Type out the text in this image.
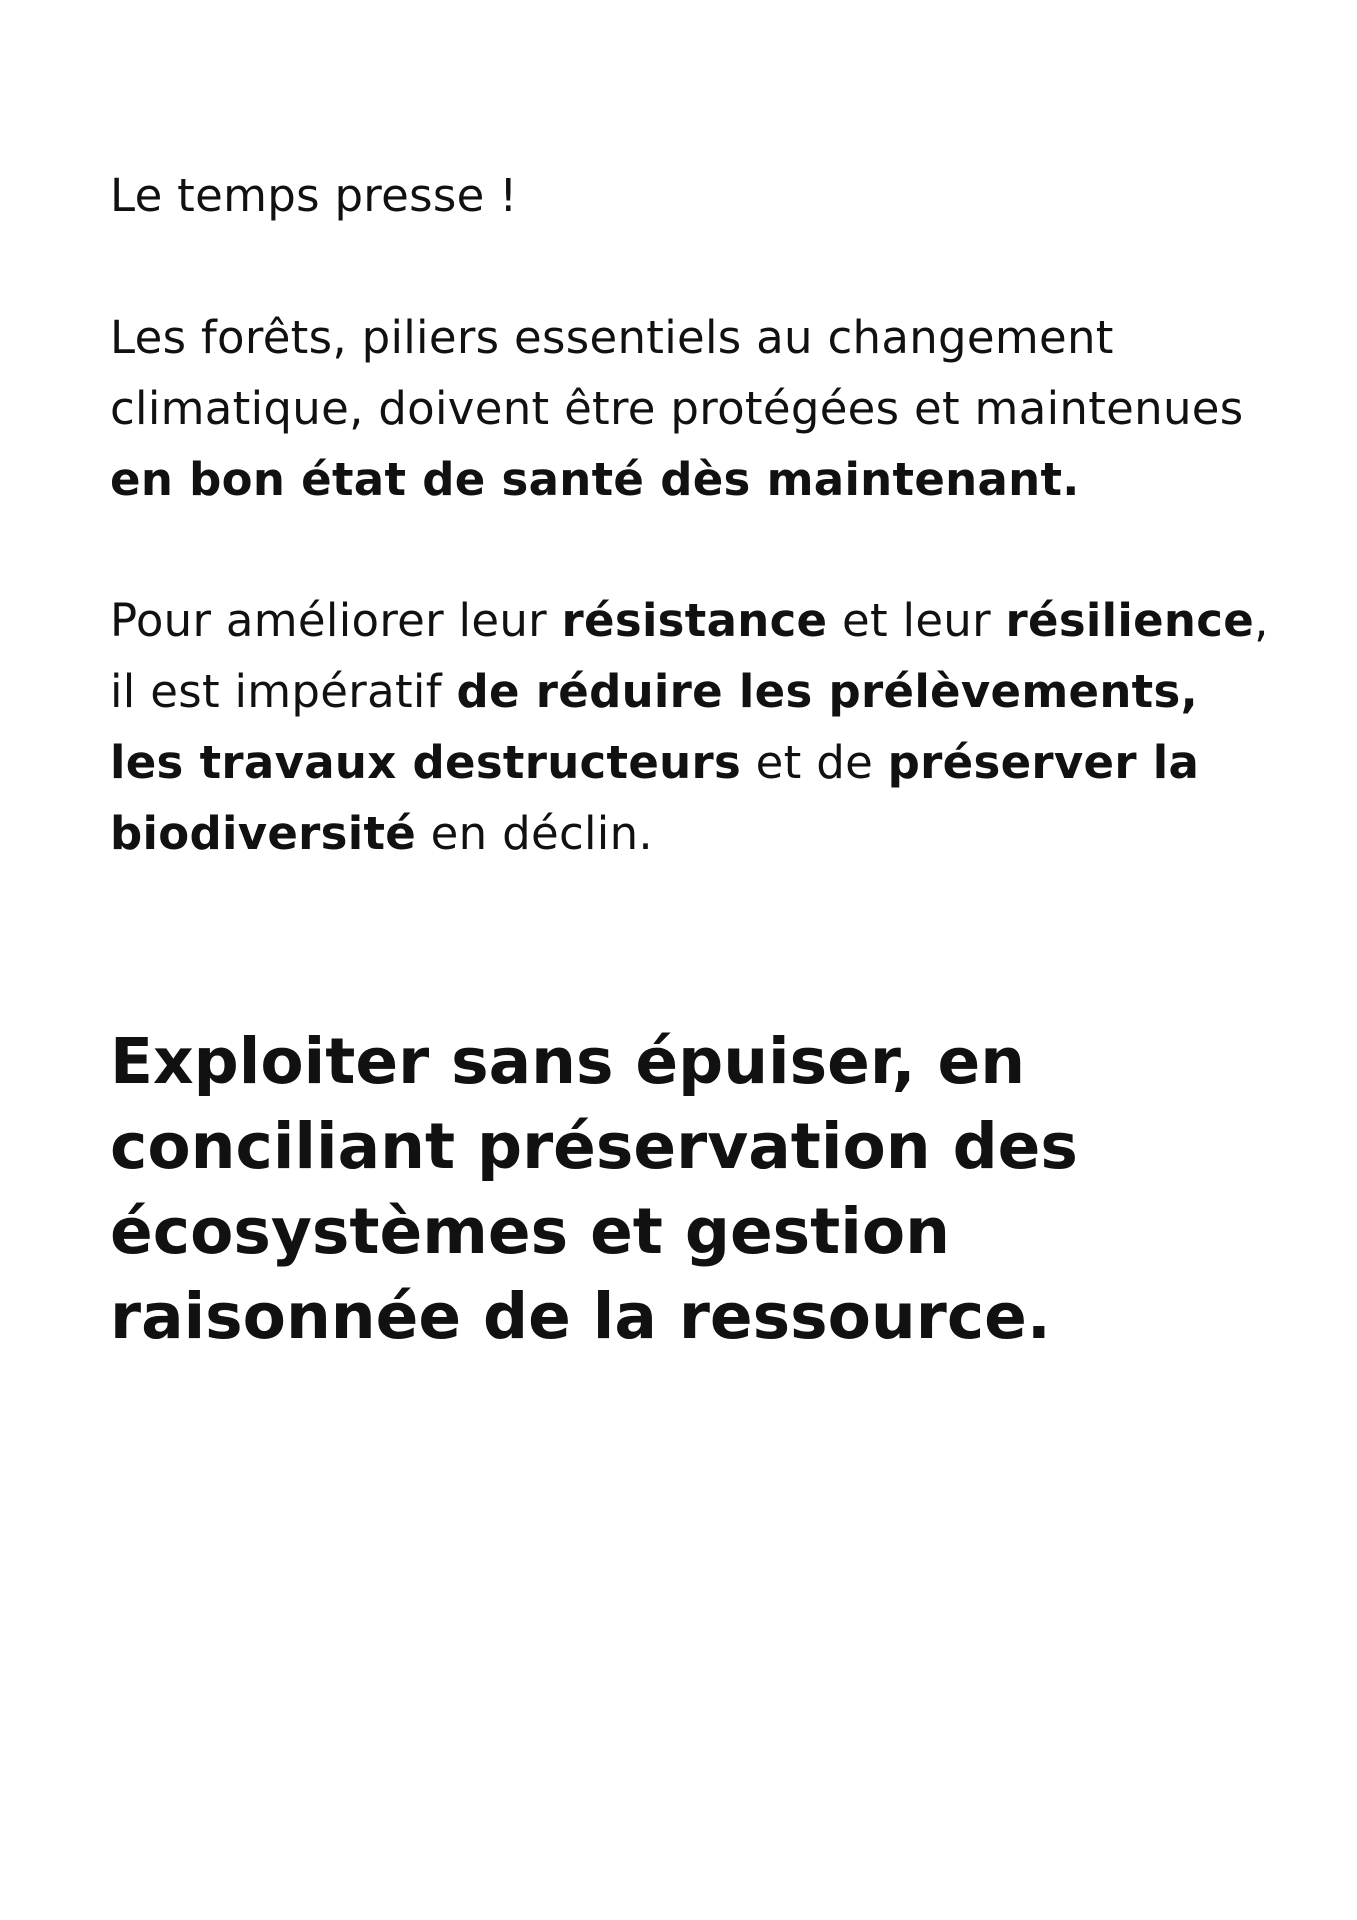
Le temps presse !

Les forêts, piliers essentiels au changement climatique, doivent être protégées et maintenues en bon état de santé dès maintenant.

Pour améliorer leur résistance et leur résilience, il est impératif de réduire les prélèvements, les travaux destructeurs et de préserver la biodiversité en déclin.

Exploiter sans épuiser, en conciliant préservation des écosystèmes et gestion raisonnée de la ressource.
